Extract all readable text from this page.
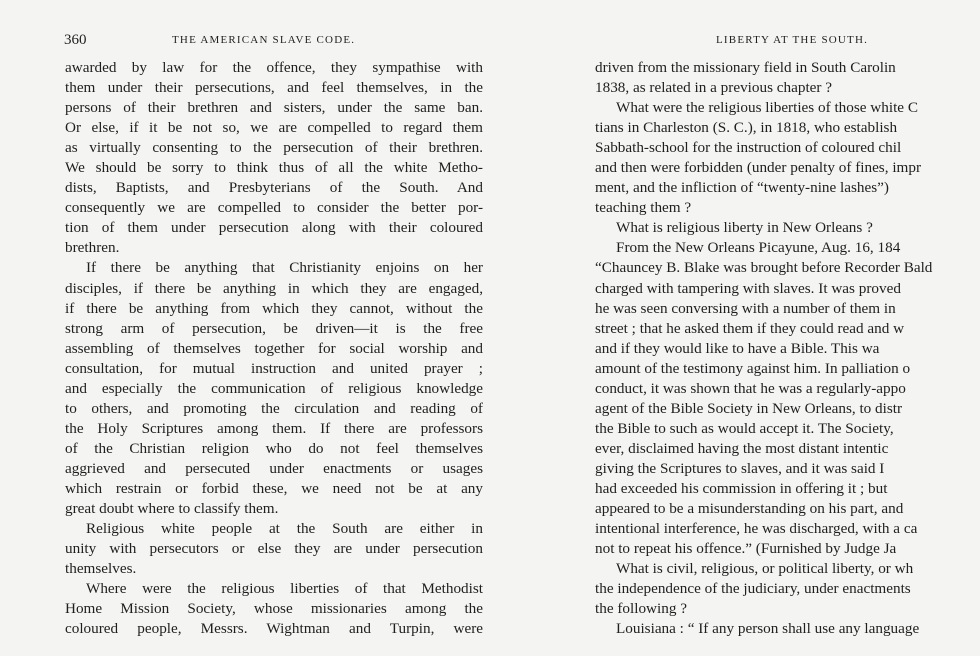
360	THE AMERICAN SLAVE CODE.
awarded by law for the offence, they sympathise with
them under their persecutions, and feel themselves, in the
persons of their brethren and sisters, under the same ban.
Or else, if it be not so, we are compelled to regard them
as virtually consenting to the persecution of their brethren.
We should be sorry to think thus of all the white Metho-
dists, Baptists, and Presbyterians of the South. And
consequently we are compelled to consider the better por-
tion of them under persecution along with their coloured
brethren.
If there be anything that Christianity enjoins on her
disciples, if there be anything in which they are engaged,
if there be anything from which they cannot, without the
strong arm of persecution, be driven—it is the free
assembling of themselves together for social worship and
consultation, for mutual instruction and united prayer ;
and especially the communication of religious knowledge
to others, and promoting the circulation and reading of
the Holy Scriptures among them. If there are professors
of the Christian religion who do not feel themselves
aggrieved and persecuted under enactments or usages
which restrain or forbid these, we need not be at any
great doubt where to classify them.
Religious white people at the South are either in
unity with persecutors or else they are under persecution
themselves.
Where were the religious liberties of that Methodist
Home Mission Society, whose missionaries among the
coloured people, Messrs. Wightman and Turpin, were
LIBERTY AT THE SOUTH.
driven from the missionary field in South Carolin
1838, as related in a previous chapter ?
What were the religious liberties of those white C
tians in Charleston (S. C.), in 1818, who establish
Sabbath-school for the instruction of coloured chil
and then were forbidden (under penalty of fines, impr
ment, and the infliction of “twenty-nine lashes”)
teaching them ?
What is religious liberty in New Orleans ?
From the New Orleans Picayune, Aug. 16, 184
“Chauncey B. Blake was brought before Recorder Bald
charged with tampering with slaves. It was proved
he was seen conversing with a number of them in
street ; that he asked them if they could read and w
and if they would like to have a Bible. This wa
amount of the testimony against him. In palliation o
conduct, it was shown that he was a regularly-appo
agent of the Bible Society in New Orleans, to distr
the Bible to such as would accept it. The Society,
ever, disclaimed having the most distant intentic
giving the Scriptures to slaves, and it was said I
had exceeded his commission in offering it ; but
appeared to be a misunderstanding on his part, and
intentional interference, he was discharged, with a ca
not to repeat his offence.” (Furnished by Judge Ja
What is civil, religious, or political liberty, or wh
the independence of the judiciary, under enactments
the following ?
Louisiana : “ If any person shall use any language
